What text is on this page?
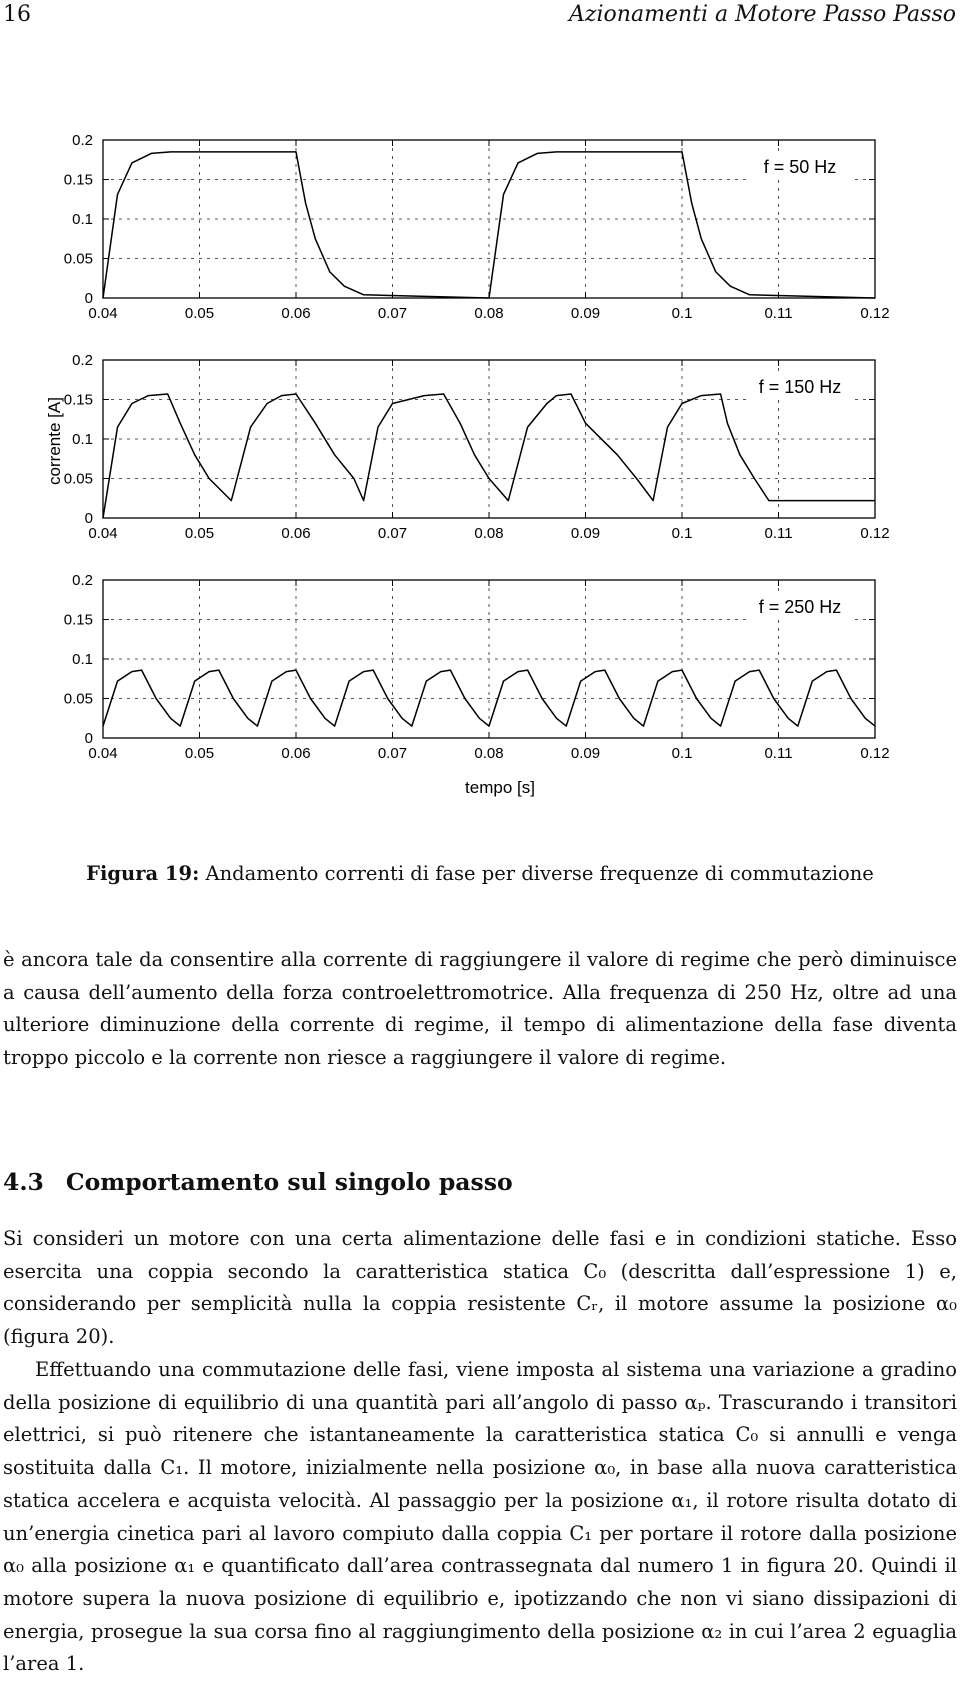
16	Azionamenti a Motore Passo Passo
corrente [A]
tempo [s]
0.04	0.05	0.06	0.07	0.08	0.09	0.1	0.11	0.12
0
0.05
0.1
0.15
0.2
f = 50 Hz
0.04	0.05	0.06	0.07	0.08	0.09	0.1	0.11	0.12
0
0.05
0.1
0.15
0.2
f = 150 Hz
0.04	0.05	0.06	0.07	0.08	0.09	0.1	0.11	0.12
0
0.05
0.1
0.15
0.2
f = 250 Hz
Figura 19: Andamento correnti di fase per diverse frequenze di commutazione
è ancora tale da consentire alla corrente di raggiungere il valore di regime che però diminuisce a causa dell’aumento della forza controelettromotrice. Alla frequenza di 250 Hz, oltre ad una ulteriore diminuzione della corrente di regime, il tempo di alimentazione della fase diventa troppo piccolo e la corrente non riesce a raggiungere il valore di regime.
4.3 Comportamento sul singolo passo
Si consideri un motore con una certa alimentazione delle fasi e in condizioni statiche. Esso esercita una coppia secondo la caratteristica statica C₀ (descritta dall’espressione 1) e, considerando per semplicità nulla la coppia resistente Cᵣ, il motore assume la posizione α₀ (figura 20).
Effettuando una commutazione delle fasi, viene imposta al sistema una variazione a gradino della posizione di equilibrio di una quantità pari all’angolo di passo αₚ. Trascurando i transitori elettrici, si può ritenere che istantaneamente la caratteristica statica C₀ si annulli e venga sostituita dalla C₁. Il motore, inizialmente nella posizione α₀, in base alla nuova caratteristica statica accelera e acquista velocità. Al passaggio per la posizione α₁, il rotore risulta dotato di un’energia cinetica pari al lavoro compiuto dalla coppia C₁ per portare il rotore dalla posizione α₀ alla posizione α₁ e quantificato dall’area contrassegnata dal numero 1 in figura 20. Quindi il motore supera la nuova posizione di equilibrio e, ipotizzando che non vi siano dissipazioni di energia, prosegue la sua corsa fino al raggiungimento della posizione α₂ in cui l’area 2 eguaglia l’area 1.
